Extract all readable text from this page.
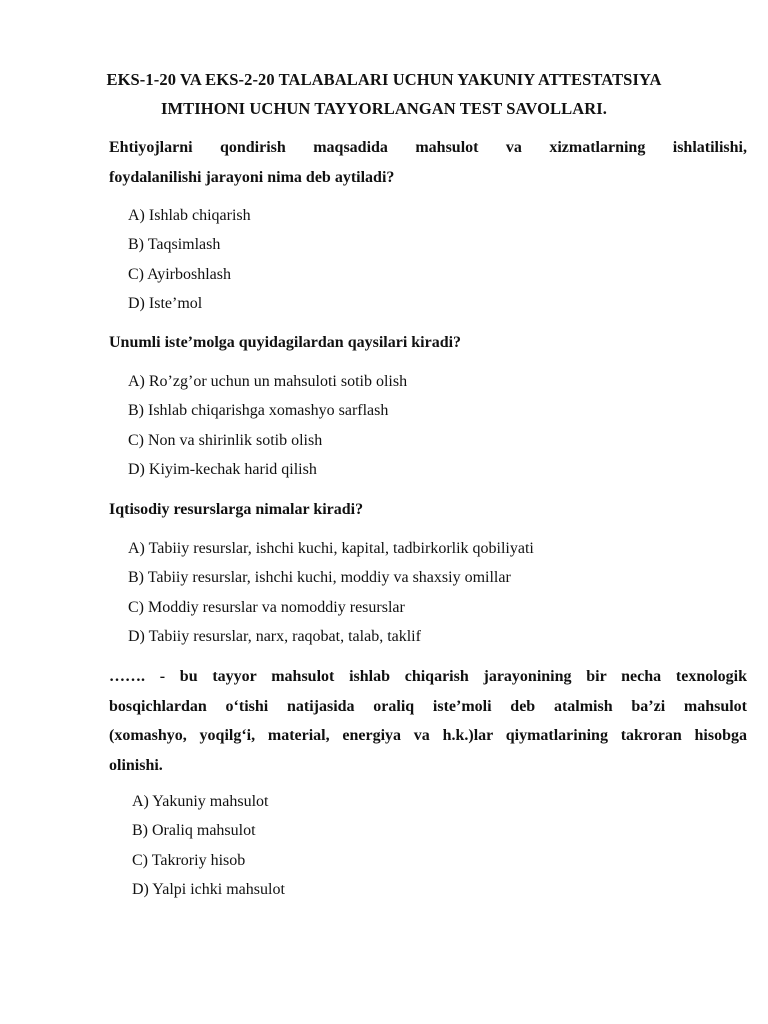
EKS-1-20 VA EKS-2-20 TALABALARI UCHUN YAKUNIY ATTESTATSIYA
IMTIHONI UCHUN TAYYORLANGAN TEST SAVOLLARI.
Ehtiyojlarni qondirish maqsadida mahsulot va xizmatlarning ishlatilishi,
foydalanilishi jarayoni nima deb aytiladi?
A) Ishlab chiqarish
B) Taqsimlash
C) Ayirboshlash
D) Iste’mol
Unumli iste’molga quyidagilardan qaysilari kiradi?
A) Ro’zg’or uchun un mahsuloti sotib olish
B) Ishlab chiqarishga xomashyo sarflash
C) Non va shirinlik sotib olish
D) Kiyim-kechak harid qilish
Iqtisodiy resurslarga nimalar kiradi?
A) Tabiiy resurslar, ishchi kuchi, kapital, tadbirkorlik qobiliyati
B) Tabiiy resurslar, ishchi kuchi, moddiy va shaxsiy omillar
C) Moddiy resurslar va nomoddiy resurslar
D) Tabiiy resurslar, narx, raqobat, talab, taklif
……. - bu tayyor mahsulot ishlab chiqarish jarayonining bir necha texnologik
bosqichlardan o‘tishi natijasida oraliq iste’moli deb atalmish ba’zi mahsulot
(xomashyo, yoqilg‘i, material, energiya va h.k.)lar qiymatlarining takroran hisobga
olinishi.
A) Yakuniy mahsulot
B) Oraliq mahsulot
C) Takroriy hisob
D) Yalpi ichki mahsulot
